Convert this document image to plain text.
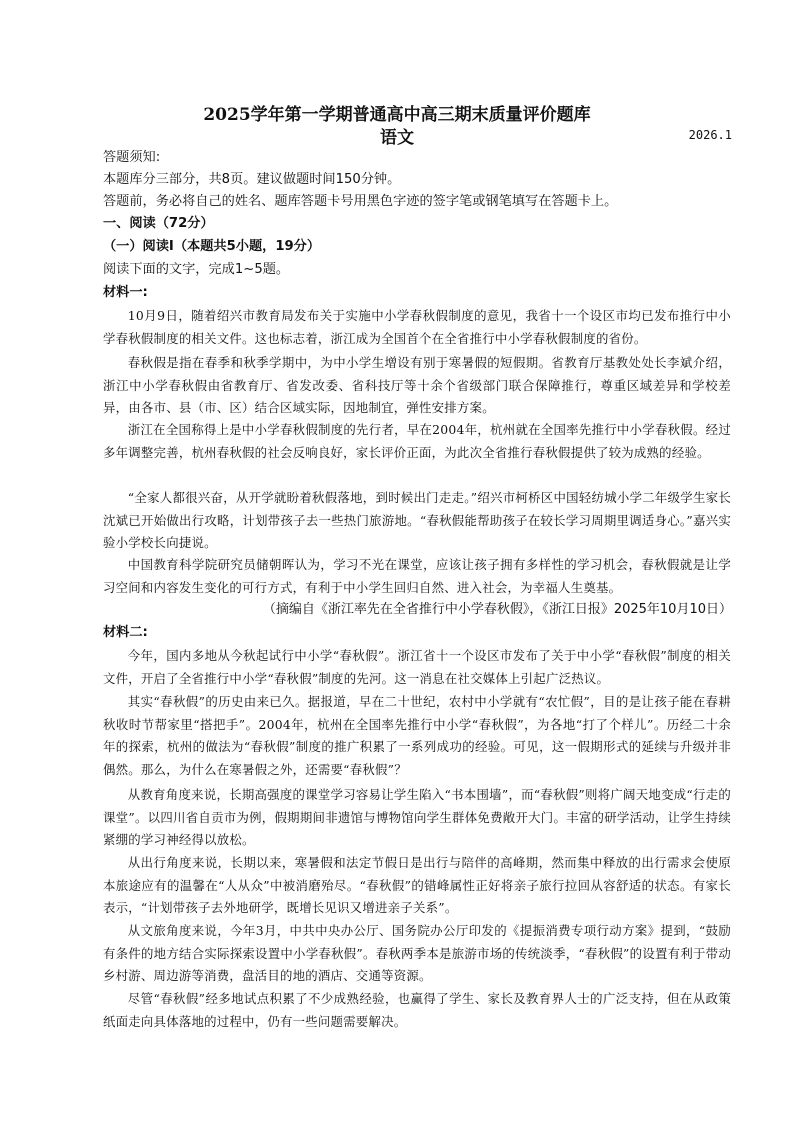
2025学年第一学期普通高中高三期末质量评价题库
语文	2026.1
答题须知:
本题库分三部分，共8页。建议做题时间150分钟。
答题前，务必将自己的姓名、题库答题卡号用黑色字迹的签字笔或钢笔填写在答题卡上。
一、阅读（72分）
（一）阅读I（本题共5小题，19分）
阅读下面的文字，完成1~5题。
材料一:
10月9日，随着绍兴市教育局发布关于实施中小学春秋假制度的意见，我省十一个设区市均已发布推行中小学春秋假制度的相关文件。这也标志着，浙江成为全国首个在全省推行中小学春秋假制度的省份。
春秋假是指在春季和秋季学期中，为中小学生增设有别于寒暑假的短假期。省教育厅基教处处长李斌介绍，浙江中小学春秋假由省教育厅、省发改委、省科技厅等十余个省级部门联合保障推行，尊重区域差异和学校差异，由各市、县（市、区）结合区域实际，因地制宜，弹性安排方案。
浙江在全国称得上是中小学春秋假制度的先行者，早在2004年，杭州就在全国率先推行中小学春秋假。经过多年调整完善，杭州春秋假的社会反响良好，家长评价正面，为此次全省推行春秋假提供了较为成熟的经验。
“全家人都很兴奋，从开学就盼着秋假落地，到时候出门走走。”绍兴市柯桥区中国轻纺城小学二年级学生家长沈斌已开始做出行攻略，计划带孩子去一些热门旅游地。“春秋假能帮助孩子在较长学习周期里调适身心。”嘉兴实验小学校长向捷说。
中国教育科学院研究员储朝晖认为，学习不光在课堂，应该让孩子拥有多样性的学习机会，春秋假就是让学习空间和内容发生变化的可行方式，有利于中小学生回归自然、进入社会，为幸福人生奠基。
（摘编自《浙江率先在全省推行中小学春秋假》，《浙江日报》2025年10月10日）
材料二:
今年，国内多地从今秋起试行中小学“春秋假”。浙江省十一个设区市发布了关于中小学“春秋假”制度的相关文件，开启了全省推行中小学“春秋假”制度的先河。这一消息在社交媒体上引起广泛热议。
其实“春秋假”的历史由来已久。据报道，早在二十世纪，农村中小学就有“农忙假”，目的是让孩子能在春耕秋收时节帮家里“搭把手”。2004年，杭州在全国率先推行中小学“春秋假”，为各地“打了个样儿”。历经二十余年的探索，杭州的做法为“春秋假”制度的推广积累了一系列成功的经验。可见，这一假期形式的延续与升级并非偶然。那么，为什么在寒暑假之外，还需要“春秋假”？
从教育角度来说，长期高强度的课堂学习容易让学生陷入“书本围墙”，而“春秋假”则将广阔天地变成“行走的课堂”。以四川省自贡市为例，假期期间非遗馆与博物馆向学生群体免费敞开大门。丰富的研学活动，让学生持续紧绷的学习神经得以放松。
从出行角度来说，长期以来，寒暑假和法定节假日是出行与陪伴的高峰期，然而集中释放的出行需求会使原本旅途应有的温馨在“人从众”中被消磨殆尽。“春秋假”的错峰属性正好将亲子旅行拉回从容舒适的状态。有家长表示，“计划带孩子去外地研学，既增长见识又增进亲子关系”。
从文旅角度来说，今年3月，中共中央办公厅、国务院办公厅印发的《提振消费专项行动方案》提到，“鼓励有条件的地方结合实际探索设置中小学春秋假”。春秋两季本是旅游市场的传统淡季，“春秋假”的设置有利于带动乡村游、周边游等消费，盘活目的地的酒店、交通等资源。
尽管“春秋假”经多地试点积累了不少成熟经验，也赢得了学生、家长及教育界人士的广泛支持，但在从政策纸面走向具体落地的过程中，仍有一些问题需要解决。
